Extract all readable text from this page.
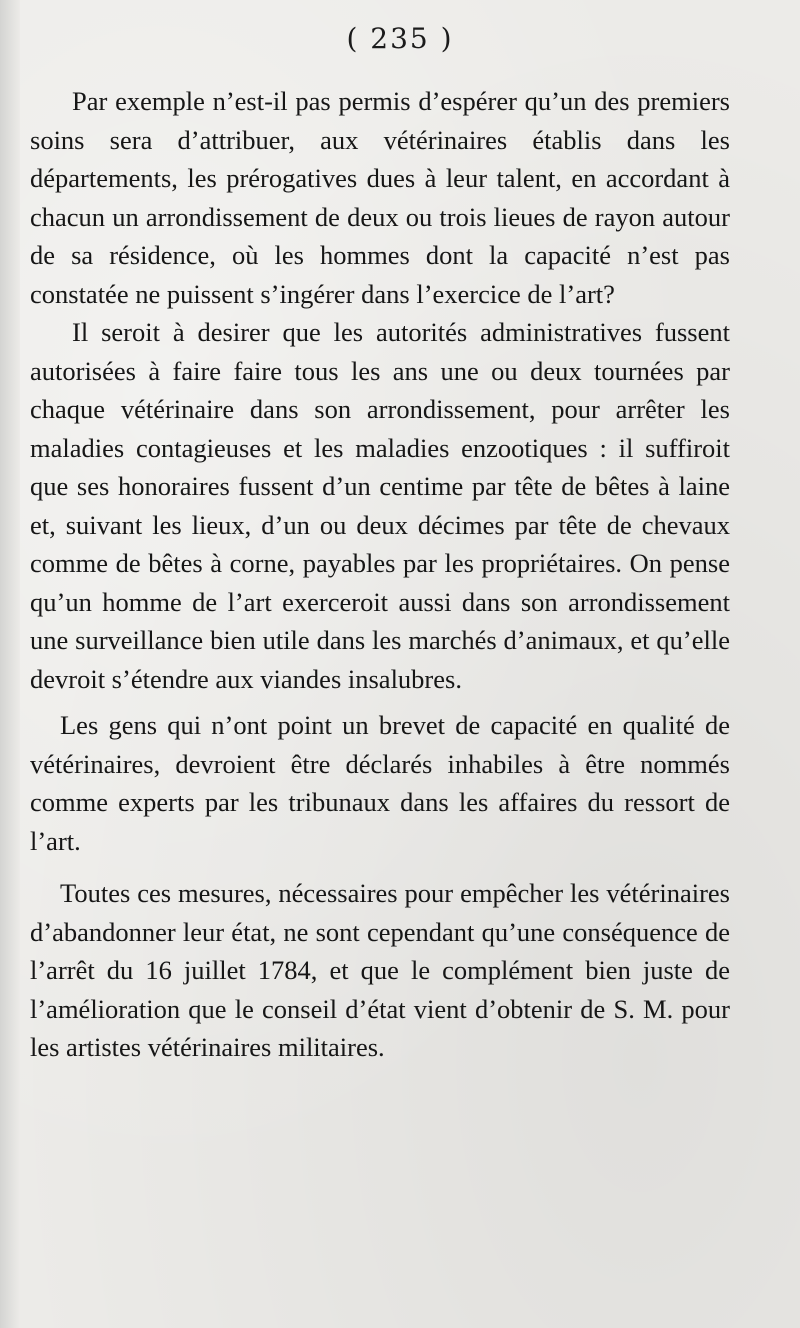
( 235 )

Par exemple n’est-il pas permis d’espérer qu’un des premiers soins sera d’attribuer, aux vétérinaires établis dans les départements, les prérogatives dues à leur talent, en accordant à chacun un arrondissement de deux ou trois lieues de rayon autour de sa résidence, où les hommes dont la capacité n’est pas constatée ne puissent s’ingérer dans l’exercice de l’art?

Il seroit à desirer que les autorités administratives fussent autorisées à faire faire tous les ans une ou deux tournées par chaque vétérinaire dans son arrondissement, pour arrêter les maladies contagieuses et les maladies enzootiques : il suffiroit que ses honoraires fussent d’un centime par tête de bêtes à laine et, suivant les lieux, d’un ou deux décimes par tête de chevaux comme de bêtes à corne, payables par les propriétaires. On pense qu’un homme de l’art exerceroit aussi dans son arrondissement une surveillance bien utile dans les marchés d’animaux, et qu’elle devroit s’étendre aux viandes insalubres.

Les gens qui n’ont point un brevet de capacité en qualité de vétérinaires, devroient être déclarés inhabiles à être nommés comme experts par les tribunaux dans les affaires du ressort de l’art.

Toutes ces mesures, nécessaires pour empêcher les vétérinaires d’abandonner leur état, ne sont cependant qu’une conséquence de l’arrêt du 16 juillet 1784, et que le complément bien juste de l’amélioration que le conseil d’état vient d’obtenir de S. M. pour les artistes vétérinaires militaires.
